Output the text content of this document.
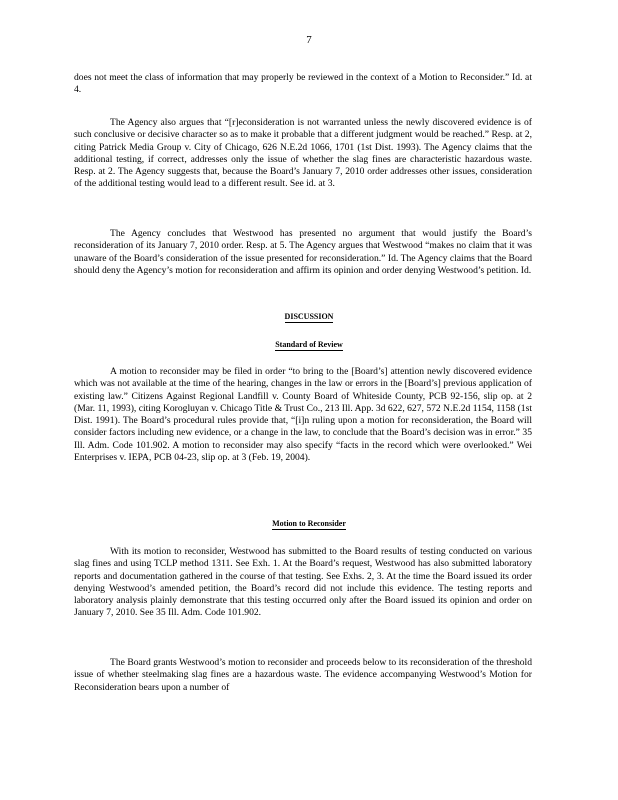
7

does not meet the class of information that may properly be reviewed in the context of a Motion to Reconsider.” Id. at 4.

The Agency also argues that “[r]econsideration is not warranted unless the newly discovered evidence is of such conclusive or decisive character so as to make it probable that a different judgment would be reached.” Resp. at 2, citing Patrick Media Group v. City of Chicago, 626 N.E.2d 1066, 1701 (1st Dist. 1993). The Agency claims that the additional testing, if correct, addresses only the issue of whether the slag fines are characteristic hazardous waste. Resp. at 2. The Agency suggests that, because the Board’s January 7, 2010 order addresses other issues, consideration of the additional testing would lead to a different result. See id. at 3.

The Agency concludes that Westwood has presented no argument that would justify the Board’s reconsideration of its January 7, 2010 order. Resp. at 5. The Agency argues that Westwood “makes no claim that it was unaware of the Board’s consideration of the issue presented for reconsideration.” Id. The Agency claims that the Board should deny the Agency’s motion for reconsideration and affirm its opinion and order denying Westwood’s petition. Id.

DISCUSSION
Standard of Review

A motion to reconsider may be filed in order “to bring to the [Board’s] attention newly discovered evidence which was not available at the time of the hearing, changes in the law or errors in the [Board’s] previous application of existing law.” Citizens Against Regional Landfill v. County Board of Whiteside County, PCB 92-156, slip op. at 2 (Mar. 11, 1993), citing Korogluyan v. Chicago Title & Trust Co., 213 Ill. App. 3d 622, 627, 572 N.E.2d 1154, 1158 (1st Dist. 1991). The Board’s procedural rules provide that, “[i]n ruling upon a motion for reconsideration, the Board will consider factors including new evidence, or a change in the law, to conclude that the Board’s decision was in error.” 35 Ill. Adm. Code 101.902. A motion to reconsider may also specify “facts in the record which were overlooked.” Wei Enterprises v. IEPA, PCB 04-23, slip op. at 3 (Feb. 19, 2004).

Motion to Reconsider

With its motion to reconsider, Westwood has submitted to the Board results of testing conducted on various slag fines and using TCLP method 1311. See Exh. 1. At the Board’s request, Westwood has also submitted laboratory reports and documentation gathered in the course of that testing. See Exhs. 2, 3. At the time the Board issued its order denying Westwood’s amended petition, the Board’s record did not include this evidence. The testing reports and laboratory analysis plainly demonstrate that this testing occurred only after the Board issued its opinion and order on January 7, 2010. See 35 Ill. Adm. Code 101.902.

The Board grants Westwood’s motion to reconsider and proceeds below to its reconsideration of the threshold issue of whether steelmaking slag fines are a hazardous waste. The evidence accompanying Westwood’s Motion for Reconsideration bears upon a number of
